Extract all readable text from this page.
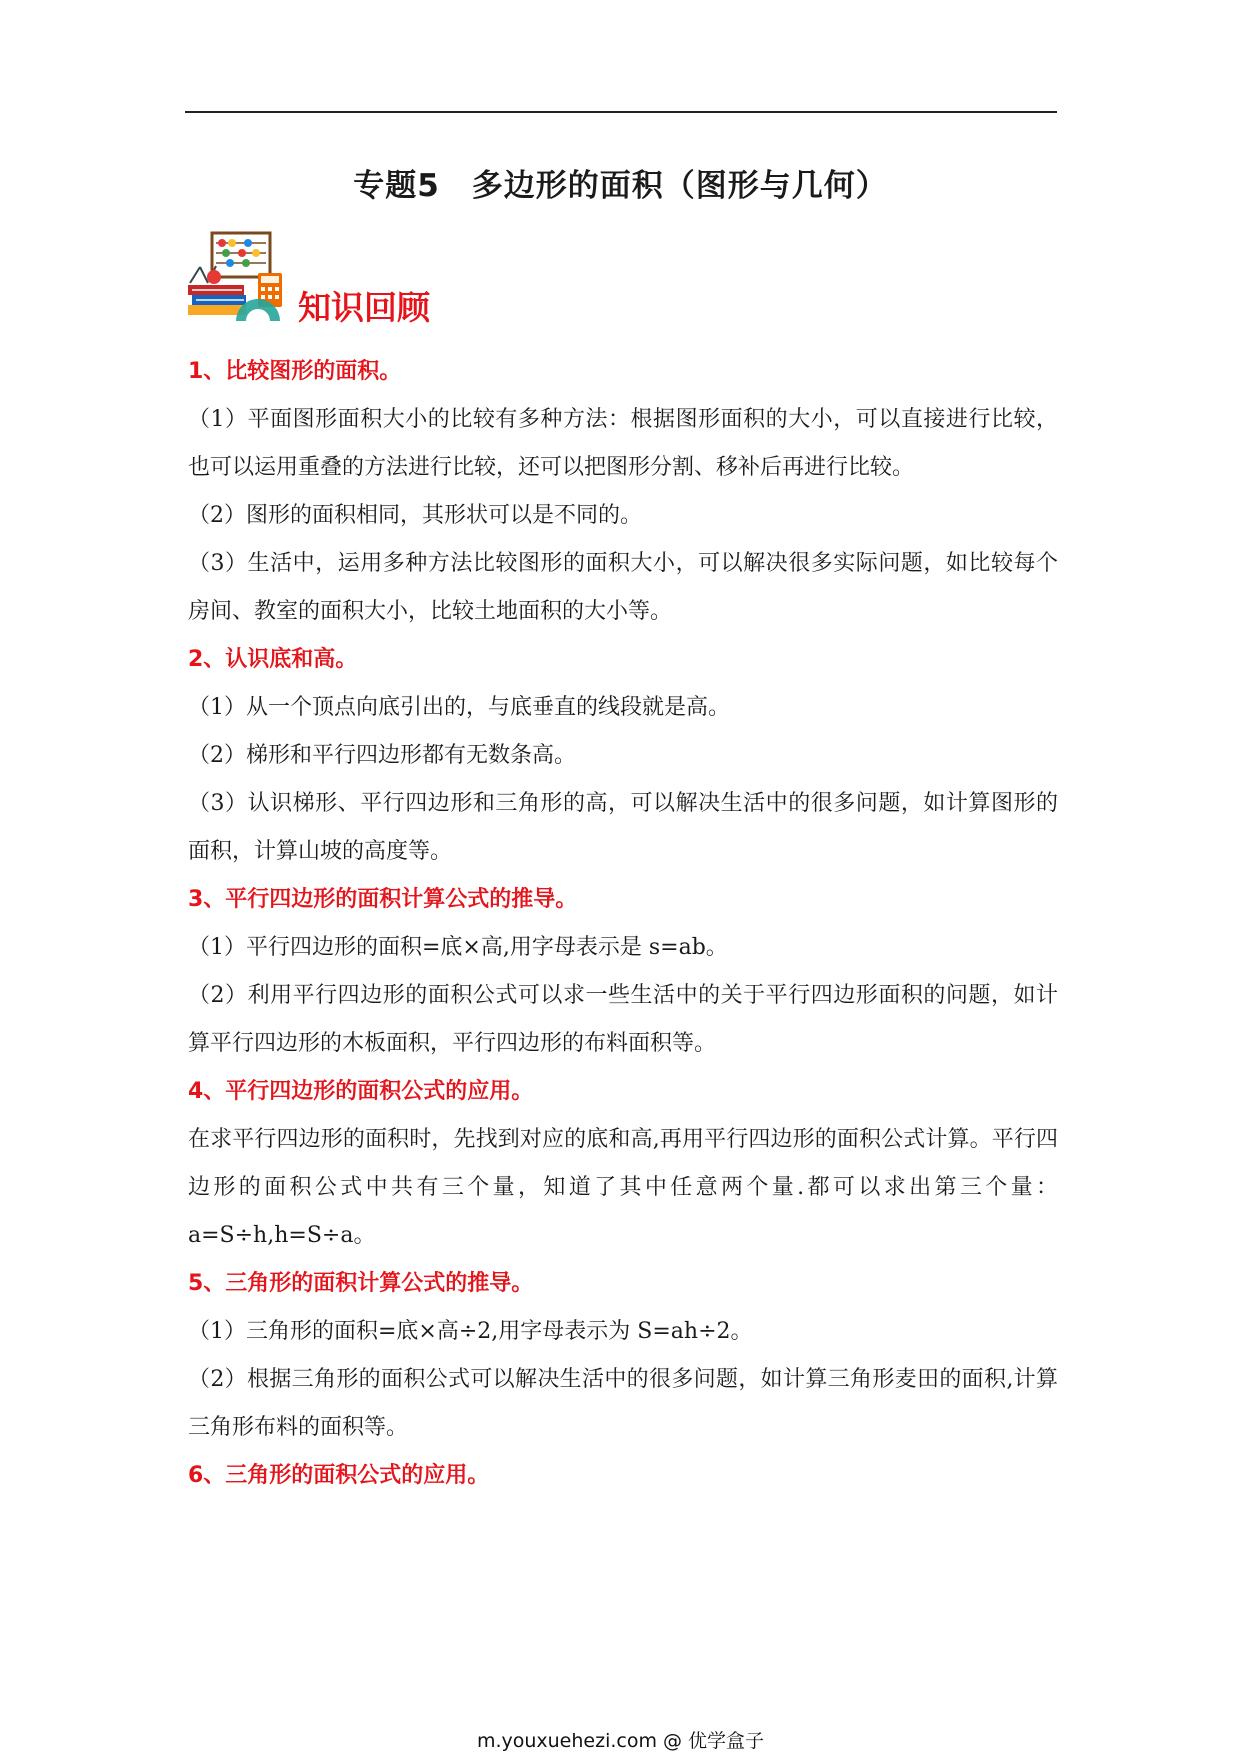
专题5　多边形的面积（图形与几何）
知识回顾
1、比较图形的面积。
（1）平面图形面积大小的比较有多种方法：根据图形面积的大小，可以直接进行比较，也可以运用重叠的方法进行比较，还可以把图形分割、移补后再进行比较。
（2）图形的面积相同，其形状可以是不同的。
（3）生活中，运用多种方法比较图形的面积大小，可以解决很多实际问题，如比较每个房间、教室的面积大小，比较土地面积的大小等。
2、认识底和高。
（1）从一个顶点向底引出的，与底垂直的线段就是高。
（2）梯形和平行四边形都有无数条高。
（3）认识梯形、平行四边形和三角形的高，可以解决生活中的很多问题，如计算图形的面积，计算山坡的高度等。
3、平行四边形的面积计算公式的推导。
（1）平行四边形的面积=底×高,用字母表示是 s=ab。
（2）利用平行四边形的面积公式可以求一些生活中的关于平行四边形面积的问题，如计算平行四边形的木板面积，平行四边形的布料面积等。
4、平行四边形的面积公式的应用。
在求平行四边形的面积时，先找到对应的底和高,再用平行四边形的面积公式计算。平行四边形的面积公式中共有三个量，知道了其中任意两个量.都可以求出第三个量：a=S÷h,h=S÷a。
5、三角形的面积计算公式的推导。
（1）三角形的面积=底×高÷2,用字母表示为 S=ah÷2。
（2）根据三角形的面积公式可以解决生活中的很多问题，如计算三角形麦田的面积,计算三角形布料的面积等。
6、三角形的面积公式的应用。
m.youxuehezi.com @ 优学盒子
